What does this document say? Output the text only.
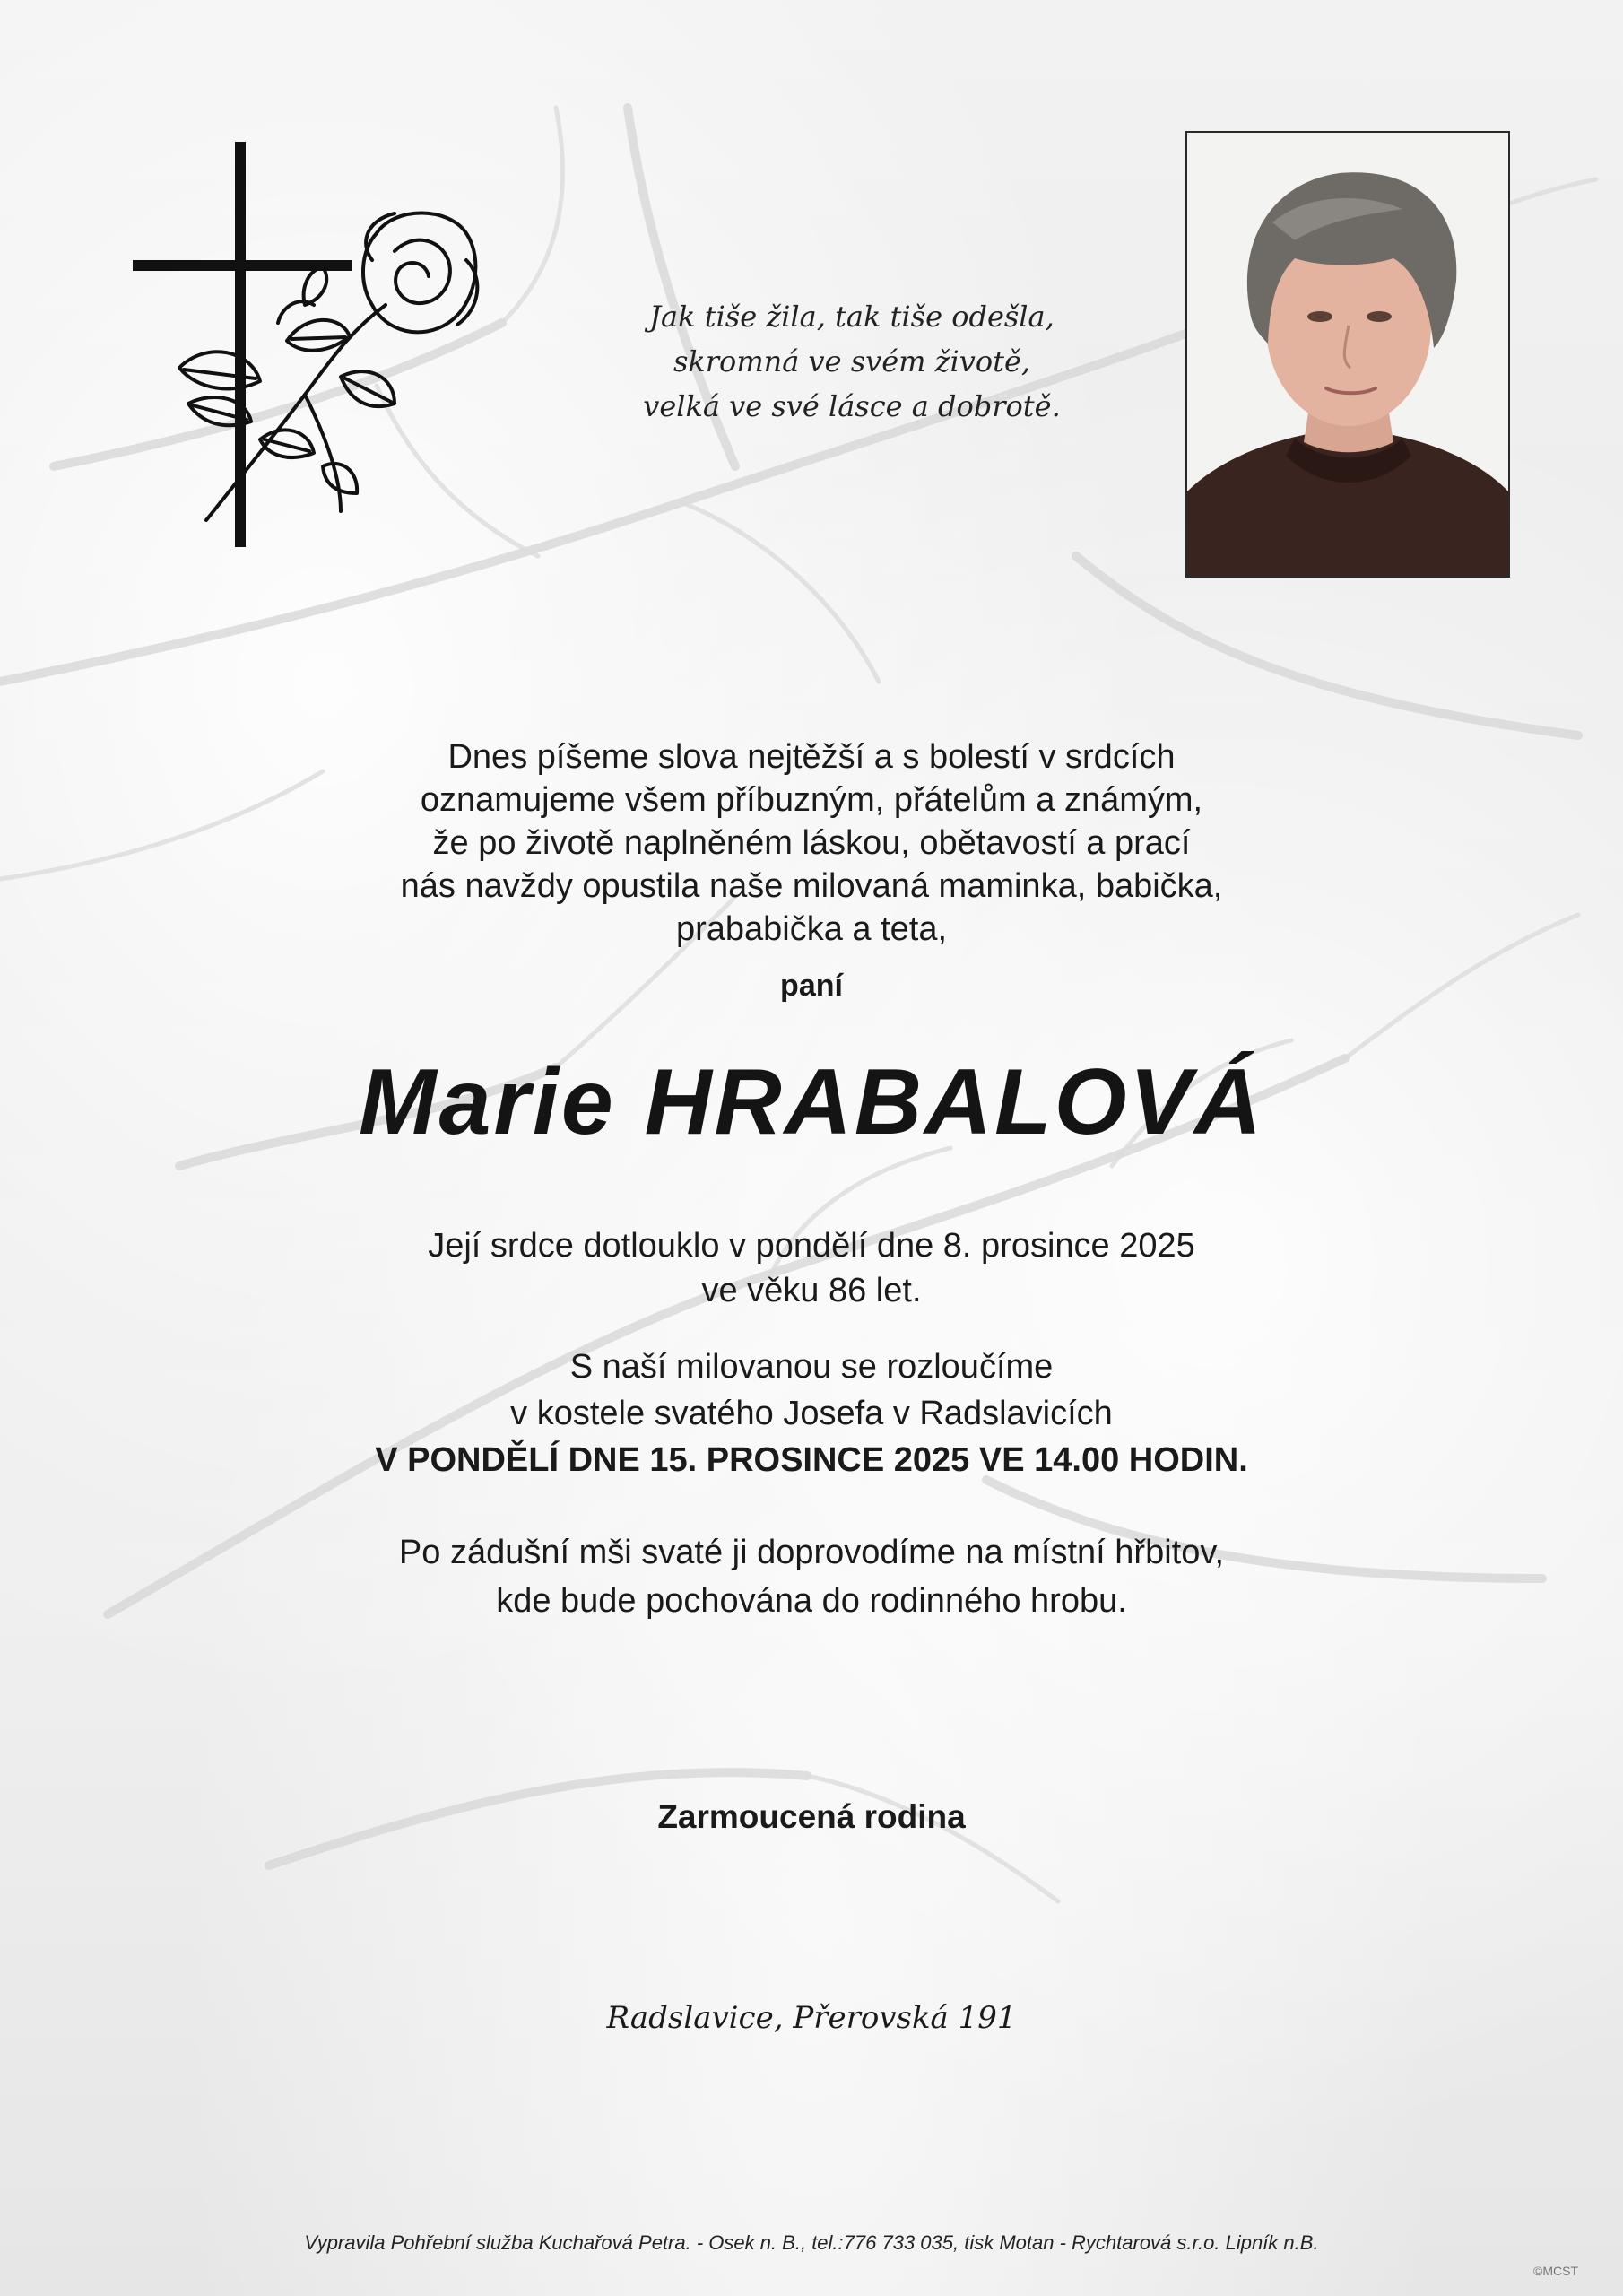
Jak tiše žila, tak tiše odešla,
skromná ve svém životě,
velká ve své lásce a dobrotě.
Dnes píšeme slova nejtěžší a s bolestí v srdcích
oznamujeme všem příbuzným, přátelům a známým,
že po životě naplněném láskou, obětavostí a prací
nás navždy opustila naše milovaná maminka, babička,
prababička a teta,
paní
Marie HRABALOVÁ
Její srdce dotlouklo v pondělí dne 8. prosince 2025
ve věku 86 let.
S naší milovanou se rozloučíme
v kostele svatého Josefa v Radslavicích
V PONDĚLÍ DNE 15. PROSINCE 2025 VE 14.00 HODIN.
Po zádušní mši svaté ji doprovodíme na místní hřbitov,
kde bude pochována do rodinného hrobu.
Zarmoucená rodina
Radslavice, Přerovská 191
Vypravila Pohřební služba Kuchařová Petra. - Osek n. B., tel.:776 733 035, tisk Motan - Rychtarová s.r.o. Lipník n.B.
©MCST
